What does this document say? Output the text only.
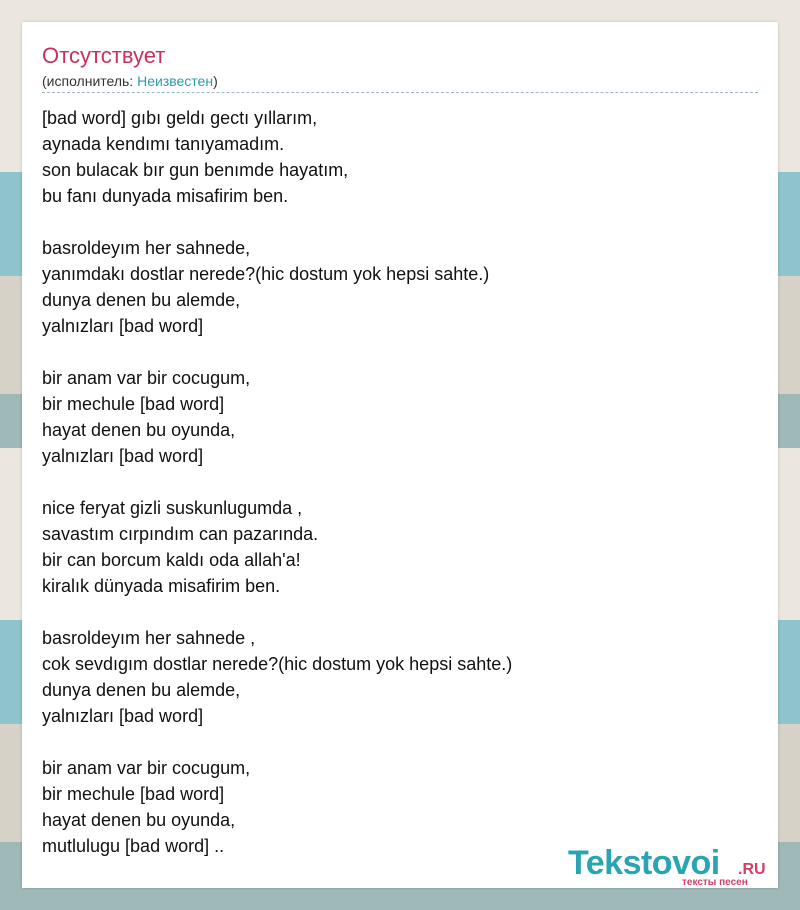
Отсутствует
(исполнитель: Неизвестен)
[bad word] gıbı geldı gectı yıllarım,
aynada kendımı tanıyamadım.
son bulacak bır gun benımde hayatım,
bu fanı dunyada misafirim ben.

basroldeyım her sahnede,
yanımdakı dostlar nerede?(hic dostum yok hepsi sahte.)
dunya denen bu alemde,
yalnızları [bad word]

bir anam var bir cocugum,
bir mechule [bad word]
hayat denen bu oyunda,
yalnızları [bad word]

nice feryat gizli suskunlugumda ,
savastım cırpındım can pazarında.
bir can borcum kaldı oda allah'a!
kiralık dünyada misafirim ben.

basroldeyım her sahnede ,
cok sevdıgım dostlar nerede?(hic dostum yok hepsi sahte.)
dunya denen bu alemde,
yalnızları [bad word]

bir anam var bir cocugum,
bir mechule [bad word]
hayat denen bu oyunda,
mutlulugu [bad word] ..	Tekstovoi .RU
тексты песен
